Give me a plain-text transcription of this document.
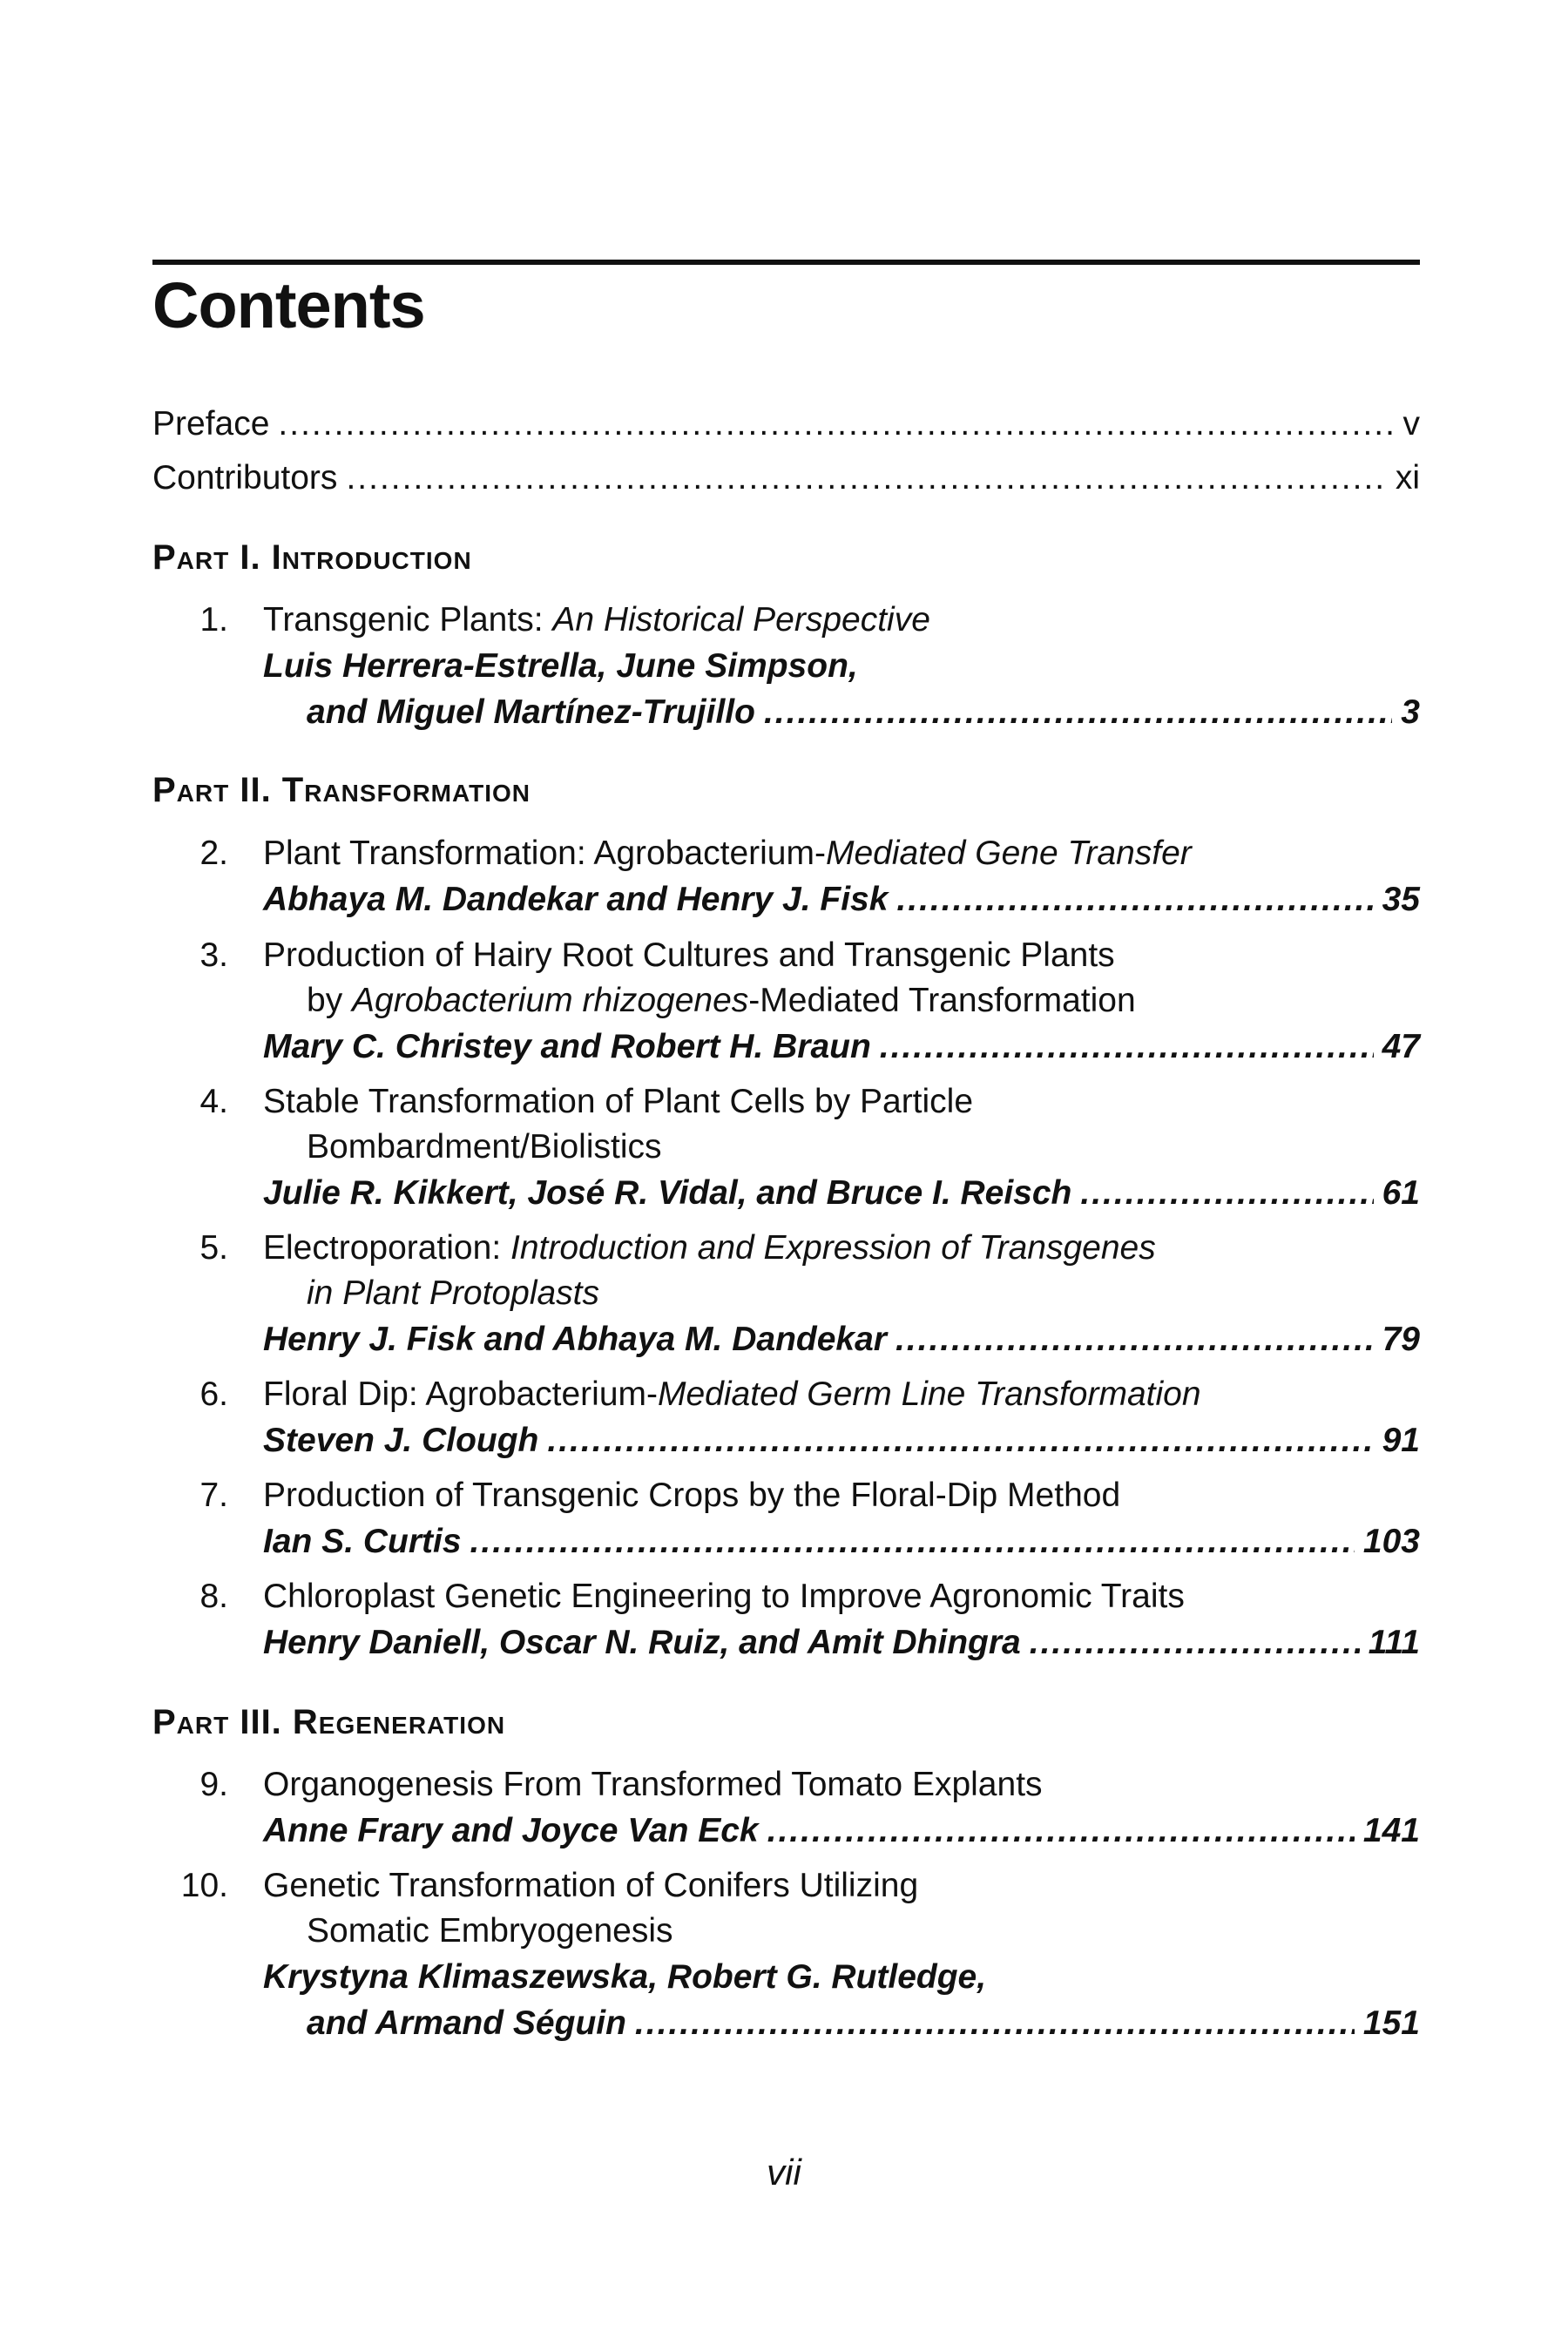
Contents
Preface .....	v
Contributors .....	xi
Part I. Introduction
1. Transgenic Plants: An Historical Perspective
Luis Herrera-Estrella, June Simpson,
and Miguel Martínez-Trujillo .....	3
Part II. Transformation
2. Plant Transformation: Agrobacterium-Mediated Gene Transfer
Abhaya M. Dandekar and Henry J. Fisk .....	35
3. Production of Hairy Root Cultures and Transgenic Plants
by Agrobacterium rhizogenes-Mediated Transformation
Mary C. Christey and Robert H. Braun .....	47
4. Stable Transformation of Plant Cells by Particle
Bombardment/Biolistics
Julie R. Kikkert, José R. Vidal, and Bruce I. Reisch .....	61
5. Electroporation: Introduction and Expression of Transgenes
in Plant Protoplasts
Henry J. Fisk and Abhaya M. Dandekar .....	79
6. Floral Dip: Agrobacterium-Mediated Germ Line Transformation
Steven J. Clough .....	91
7. Production of Transgenic Crops by the Floral-Dip Method
Ian S. Curtis .....	103
8. Chloroplast Genetic Engineering to Improve Agronomic Traits
Henry Daniell, Oscar N. Ruiz, and Amit Dhingra .....	111
Part III. Regeneration
9. Organogenesis From Transformed Tomato Explants
Anne Frary and Joyce Van Eck .....	141
10. Genetic Transformation of Conifers Utilizing
Somatic Embryogenesis
Krystyna Klimaszewska, Robert G. Rutledge,
and Armand Séguin .....	151
vii
